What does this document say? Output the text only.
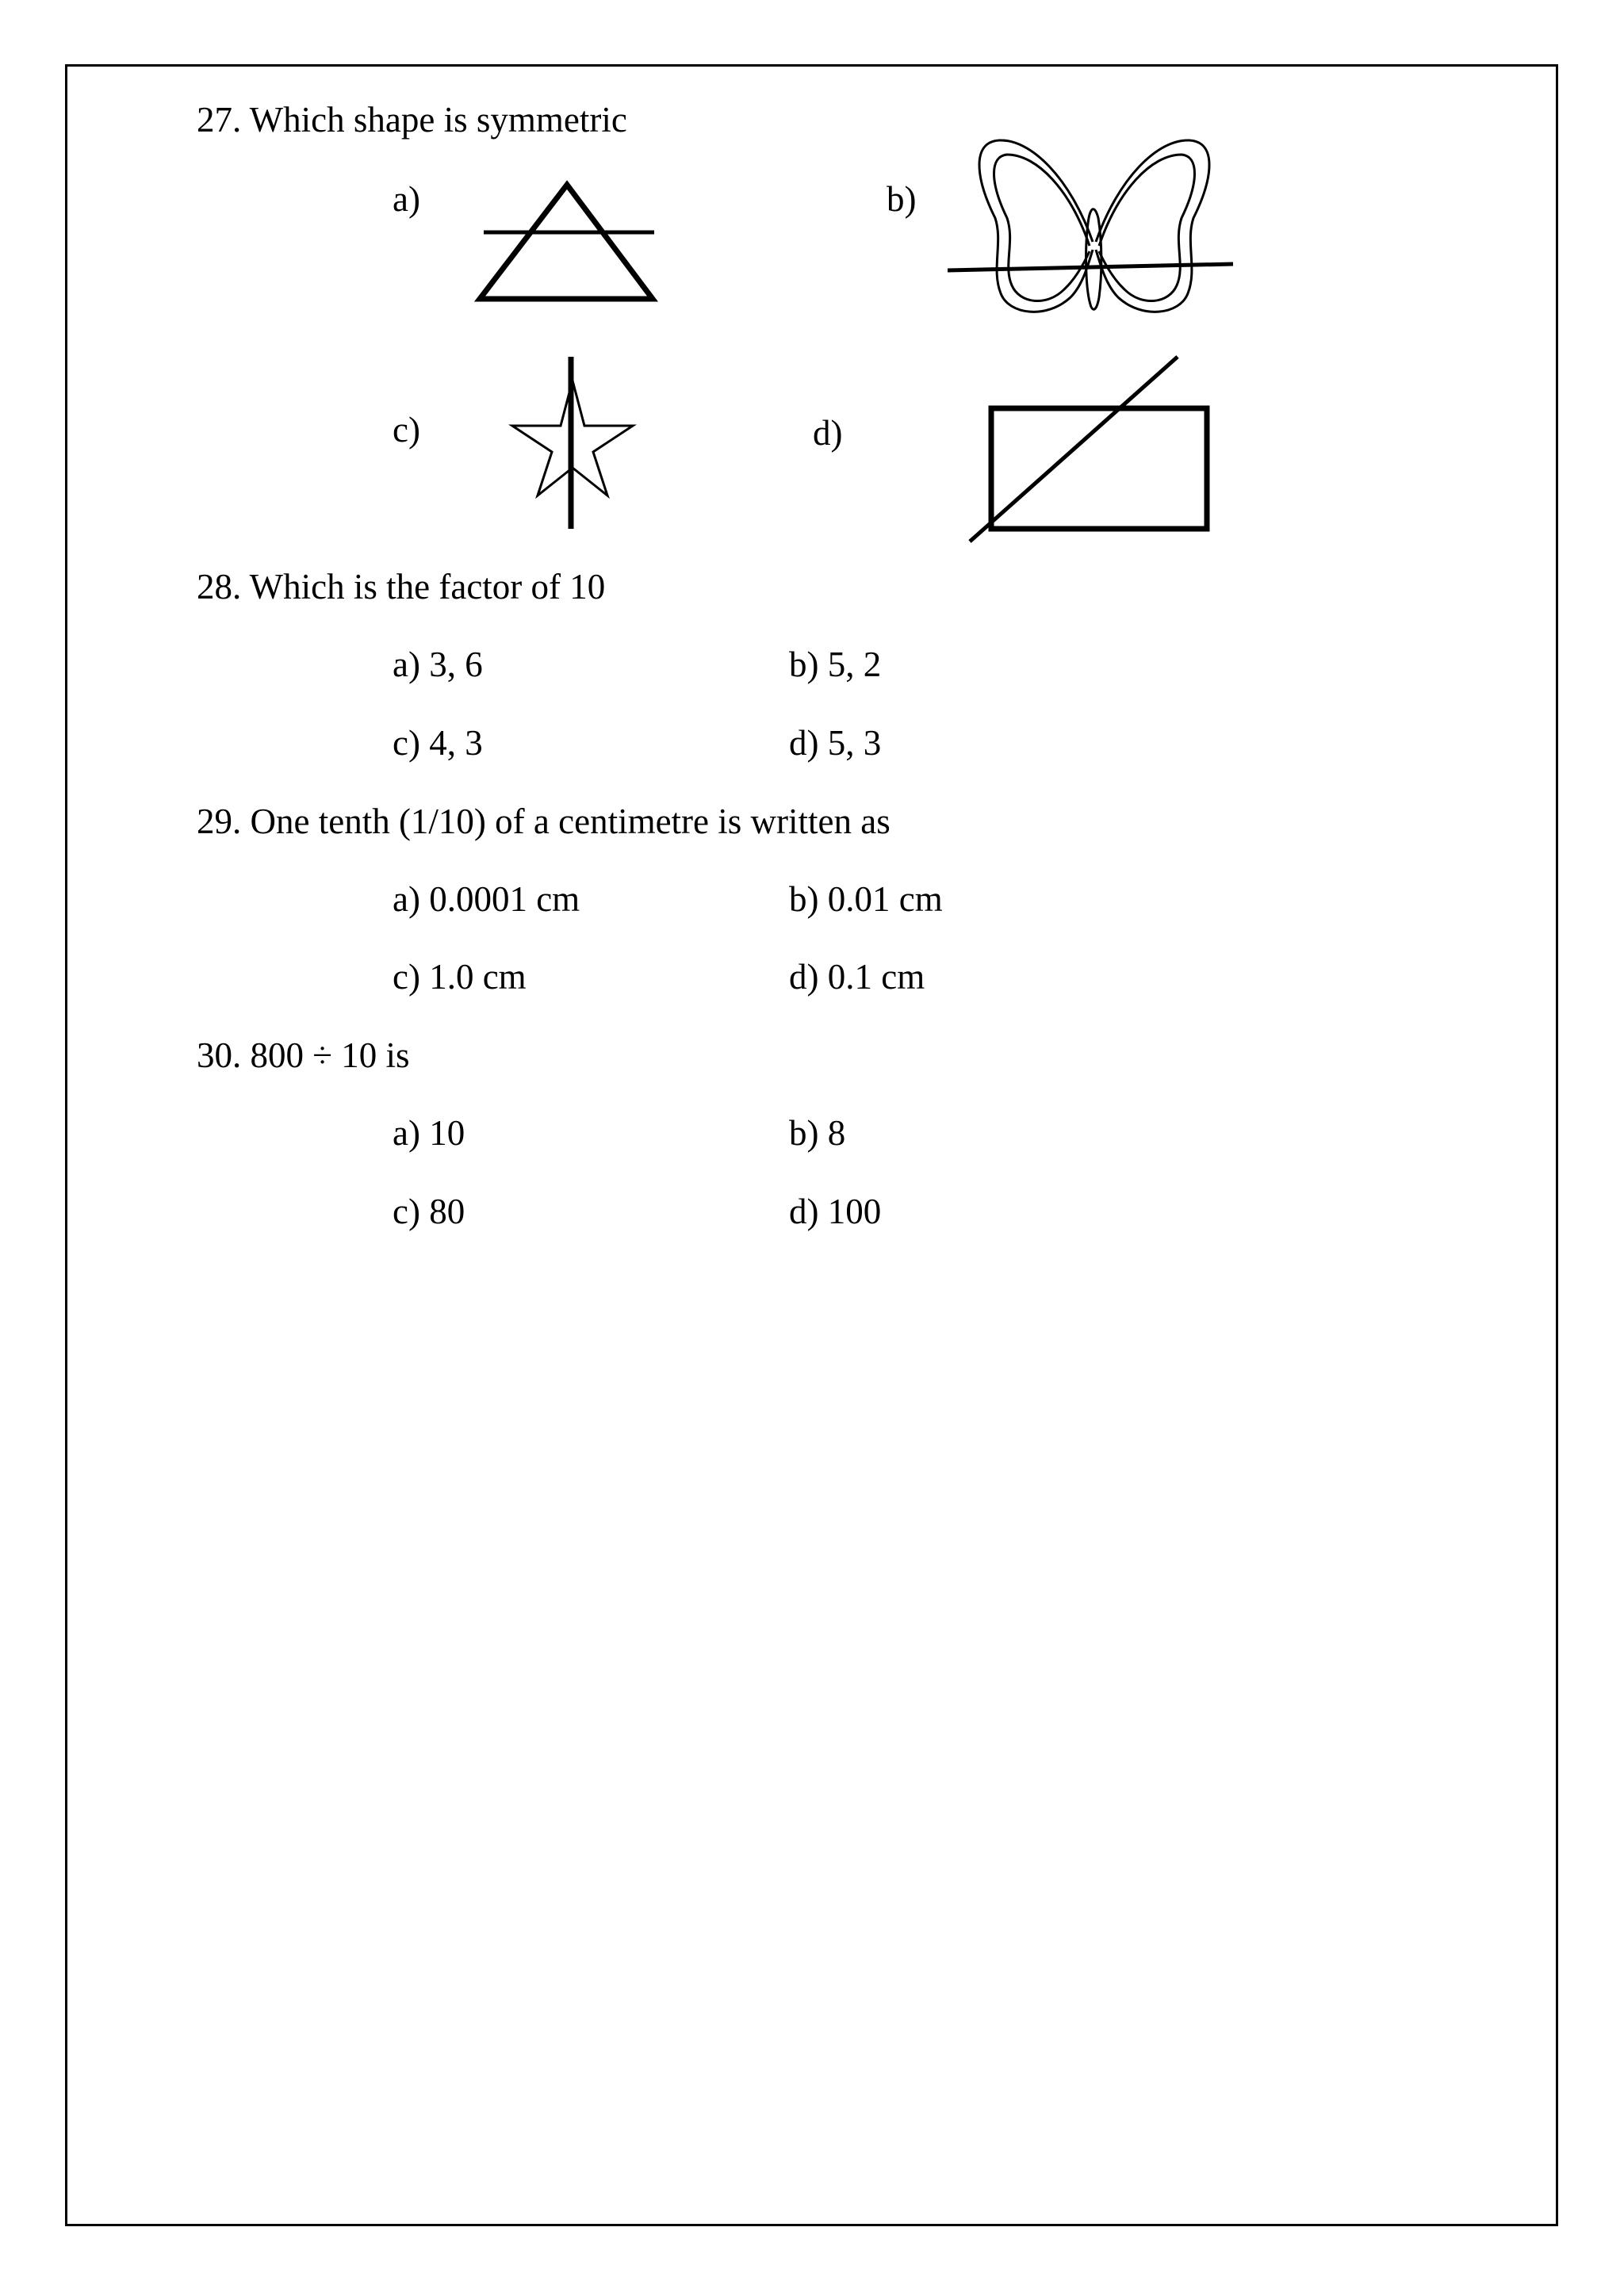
27. Which shape is symmetric
a)	b)
c)	d)
28. Which is the factor of 10
a) 3, 6	b) 5, 2
c) 4, 3	d) 5, 3
29. One tenth (1/10) of a centimetre is written as
a) 0.0001 cm	b) 0.01 cm
c) 1.0 cm	d) 0.1 cm
30. 800 ÷ 10 is
a) 10	b) 8
c) 80	d) 100
